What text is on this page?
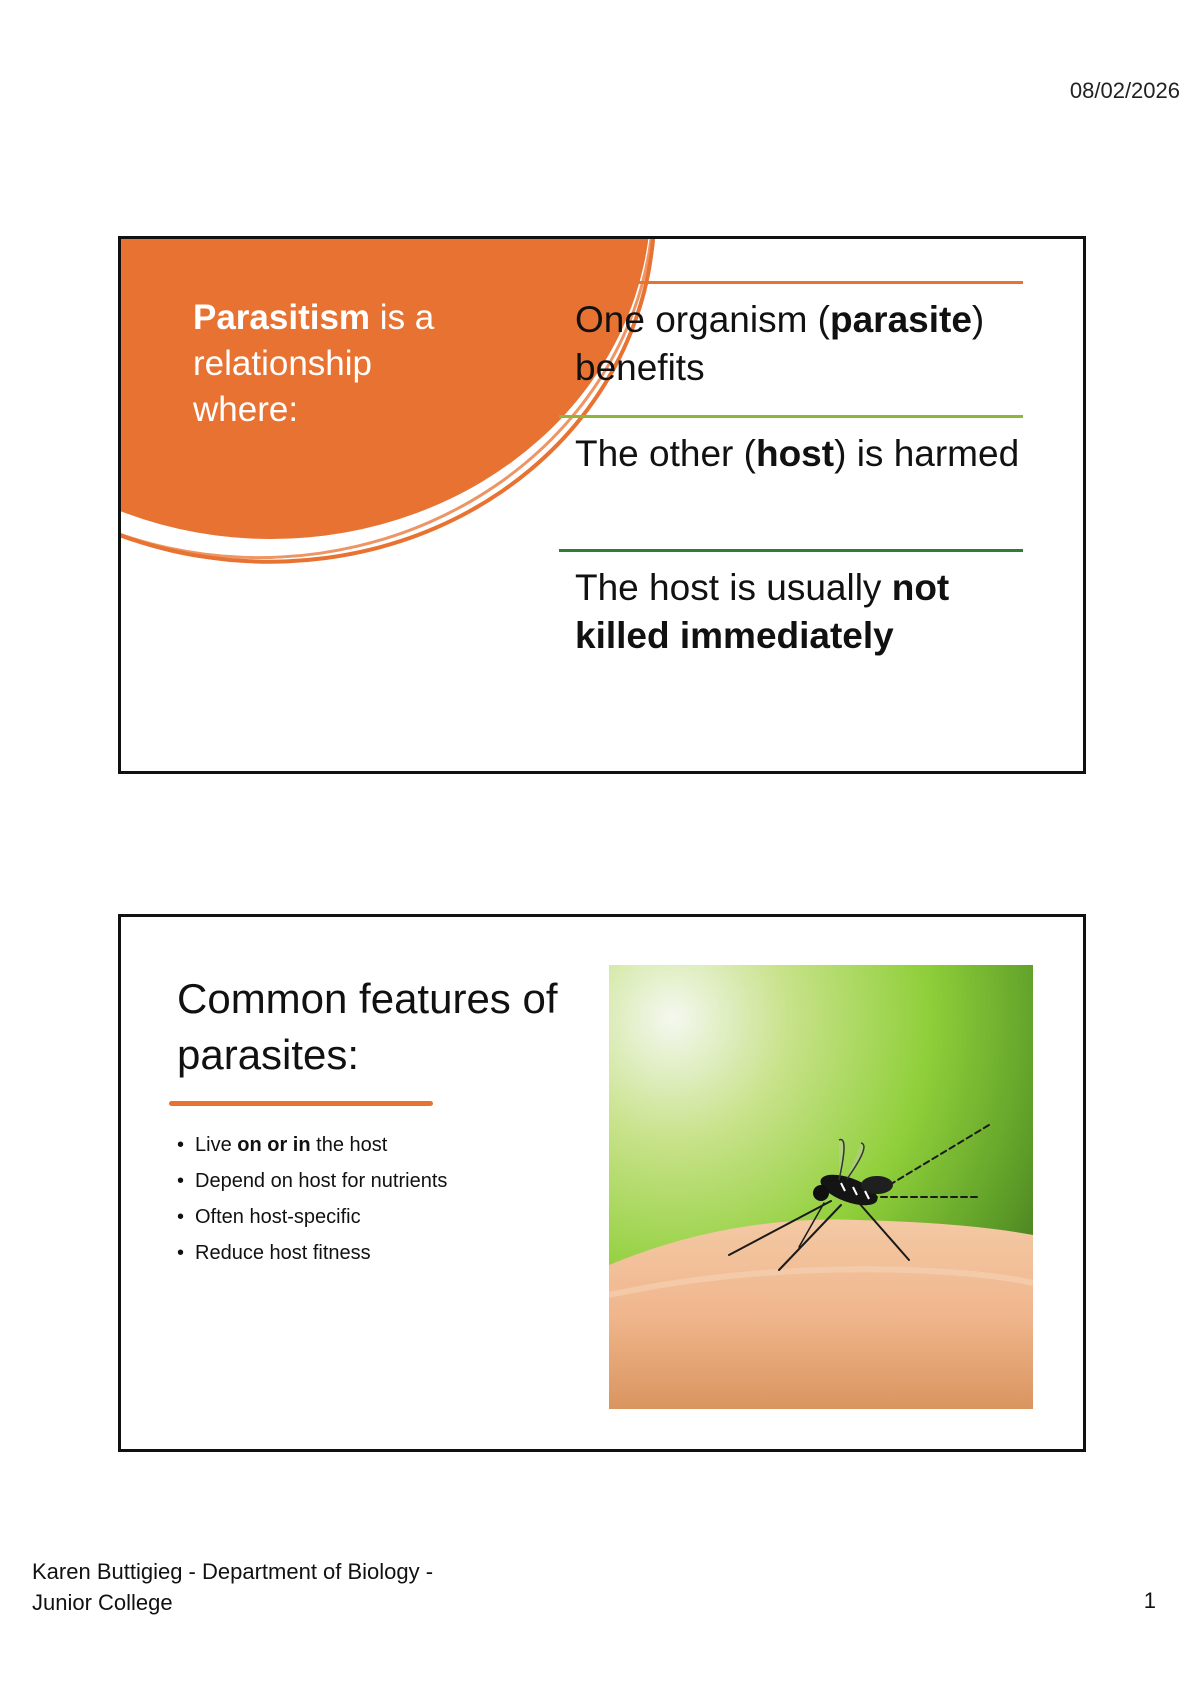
08/02/2026
Parasitism is a relationship where:
One organism (parasite) benefits
The other (host) is harmed
The host is usually not killed immediately
Common features of parasites:
• Live on or in the host
• Depend on host for nutrients
• Often host-specific
• Reduce host fitness
Karen Buttigieg - Department of Biology -
Junior College	1
